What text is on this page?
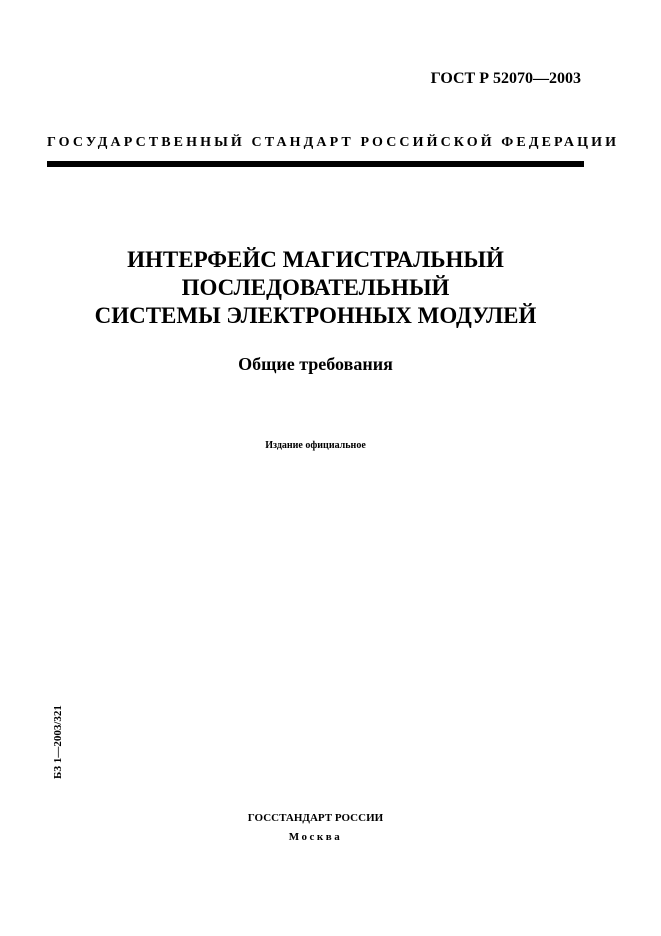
ГОСТ Р 52070—2003
ГОСУДАРСТВЕННЫЙ СТАНДАРТ РОССИЙСКОЙ ФЕДЕРАЦИИ
ИНТЕРФЕЙС МАГИСТРАЛЬНЫЙ
ПОСЛЕДОВАТЕЛЬНЫЙ
СИСТЕМЫ ЭЛЕКТРОННЫХ МОДУЛЕЙ
Общие требования
Издание официальное
БЗ 1—2003/321
ГОССТАНДАРТ РОССИИ
Москва
